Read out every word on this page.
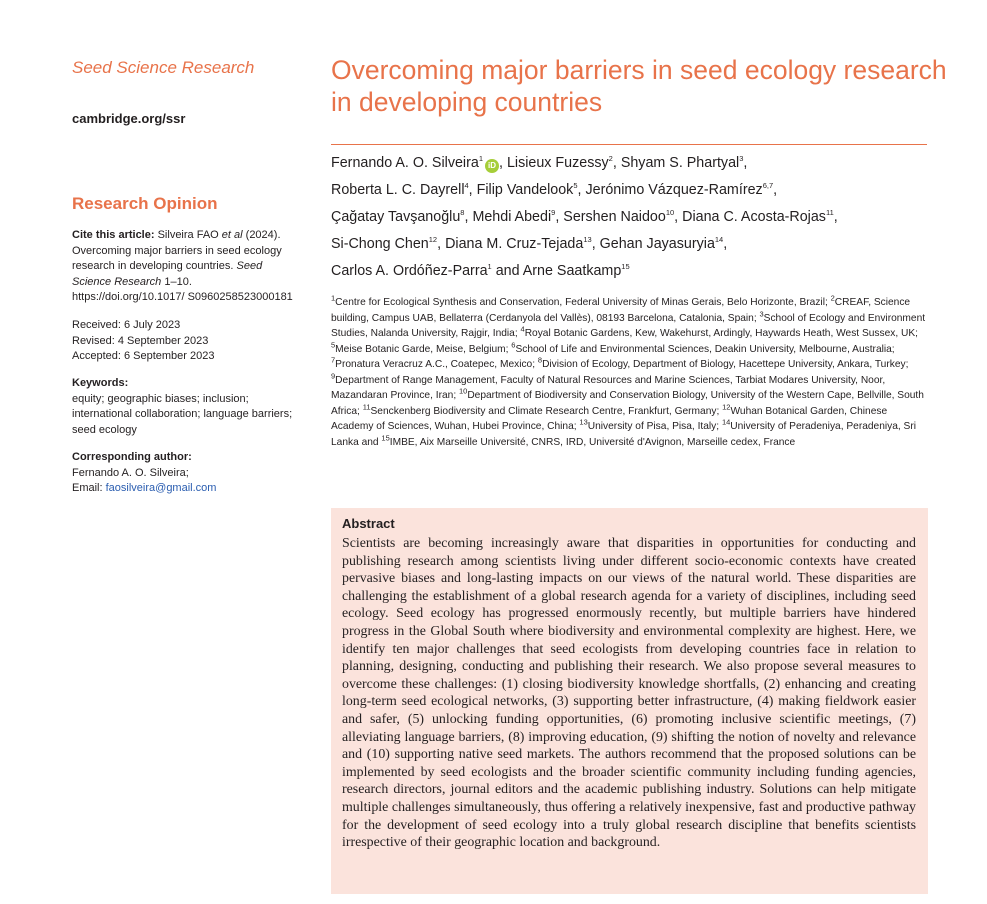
Seed Science Research
cambridge.org/ssr
Research Opinion
Cite this article: Silveira FAO et al (2024). Overcoming major barriers in seed ecology research in developing countries. Seed Science Research 1–10. https://doi.org/10.1017/ S0960258523000181
Received: 6 July 2023
Revised: 4 September 2023
Accepted: 6 September 2023
Keywords:
equity; geographic biases; inclusion; international collaboration; language barriers; seed ecology
Corresponding author:
Fernando A. O. Silveira;
Email: faosilveira@gmail.com
Overcoming major barriers in seed ecology research in developing countries
Fernando A. O. Silveira$^1$iD , Lisieux Fuzessy$^2$, Shyam S. Phartyal$^3$,
Roberta L. C. Dayrell$^4$, Filip Vandelook$^5$, Jerónimo Vázquez-Ramírez$^{6,7}$,
Çağatay Tavşanoğlu$^8$, Mehdi Abedi$^9$, Sershen Naidoo$^{10}$, Diana C. Acosta-Rojas$^{11}$,
Si-Chong Chen$^{12}$, Diana M. Cruz-Tejada$^{13}$, Gehan Jayasuryia$^{14}$,
Carlos A. Ordóñez-Parra$^1$ and Arne Saatkamp$^{15}$
$^1$Centre for Ecological Synthesis and Conservation, Federal University of Minas Gerais, Belo Horizonte, Brazil; $^2$CREAF, Science building, Campus UAB, Bellaterra (Cerdanyola del Vallès), 08193 Barcelona, Catalonia, Spain; $^3$School of Ecology and Environment Studies, Nalanda University, Rajgir, India; $^4$Royal Botanic Gardens, Kew, Wakehurst, Ardingly, Haywards Heath, West Sussex, UK; $^5$Meise Botanic Garde, Meise, Belgium; $^6$School of Life and Environmental Sciences, Deakin University, Melbourne, Australia; $^7$Pronatura Veracruz A.C., Coatepec, Mexico; $^8$Division of Ecology, Department of Biology, Hacettepe University, Ankara, Turkey; $^9$Department of Range Management, Faculty of Natural Resources and Marine Sciences, Tarbiat Modares University, Noor, Mazandaran Province, Iran; $^{10}$Department of Biodiversity and Conservation Biology, University of the Western Cape, Bellville, South Africa; $^{11}$Senckenberg Biodiversity and Climate Research Centre, Frankfurt, Germany; $^{12}$Wuhan Botanical Garden, Chinese Academy of Sciences, Wuhan, Hubei Province, China; $^{13}$University of Pisa, Pisa, Italy; $^{14}$University of Peradeniya, Peradeniya, Sri Lanka and $^{15}$IMBE, Aix Marseille Université, CNRS, IRD, Université d'Avignon, Marseille cedex, France
Abstract

Scientists are becoming increasingly aware that disparities in opportunities for conducting and publishing research among scientists living under different socio-economic contexts have created pervasive biases and long-lasting impacts on our views of the natural world. These disparities are challenging the establishment of a global research agenda for a variety of disciplines, including seed ecology. Seed ecology has progressed enormously recently, but multiple barriers have hindered progress in the Global South where biodiversity and environmental complexity are highest. Here, we identify ten major challenges that seed ecologists from developing countries face in relation to planning, designing, conducting and publishing their research. We also propose several measures to overcome these challenges: (1) closing biodiversity knowledge shortfalls, (2) enhancing and creating long-term seed ecological networks, (3) supporting better infrastructure, (4) making fieldwork easier and safer, (5) unlocking funding opportunities, (6) promoting inclusive scientific meetings, (7) alleviating language barriers, (8) improving education, (9) shifting the notion of novelty and relevance and (10) supporting native seed markets. The authors recommend that the proposed solutions can be implemented by seed ecologists and the broader scientific community including funding agencies, research directors, journal editors and the academic publishing industry. Solutions can help mitigate multiple challenges simultaneously, thus offering a relatively inexpensive, fast and productive pathway for the development of seed ecology into a truly global research discipline that benefits scientists irrespective of their geographic location and background.
